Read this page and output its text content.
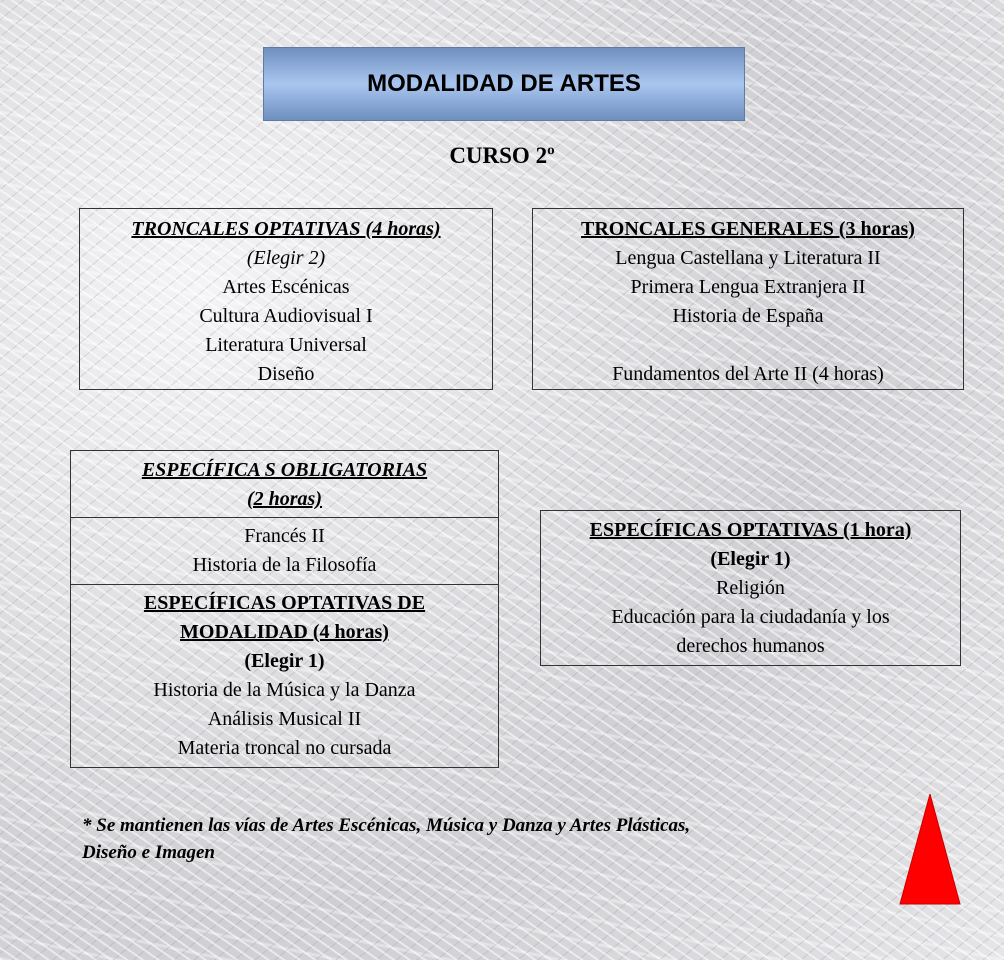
MODALIDAD DE ARTES
CURSO 2º
TRONCALES OPTATIVAS (4 horas)
(Elegir 2)
Artes Escénicas
Cultura Audiovisual I
Literatura Universal
Diseño
TRONCALES GENERALES (3 horas)
Lengua Castellana y Literatura II
Primera Lengua Extranjera II
Historia de España
Fundamentos del Arte II (4 horas)
ESPECÍFICA S OBLIGATORIAS
(2 horas)
Francés II
Historia de la Filosofía
ESPECÍFICAS OPTATIVAS DE
MODALIDAD (4 horas)
(Elegir 1)
Historia de la Música y la Danza
Análisis Musical II
Materia troncal no cursada
ESPECÍFICAS OPTATIVAS (1 hora)
(Elegir 1)
Religión
Educación para la ciudadanía y los
derechos humanos
* Se mantienen las vías de Artes Escénicas, Música y Danza y Artes Plásticas,
Diseño e Imagen
